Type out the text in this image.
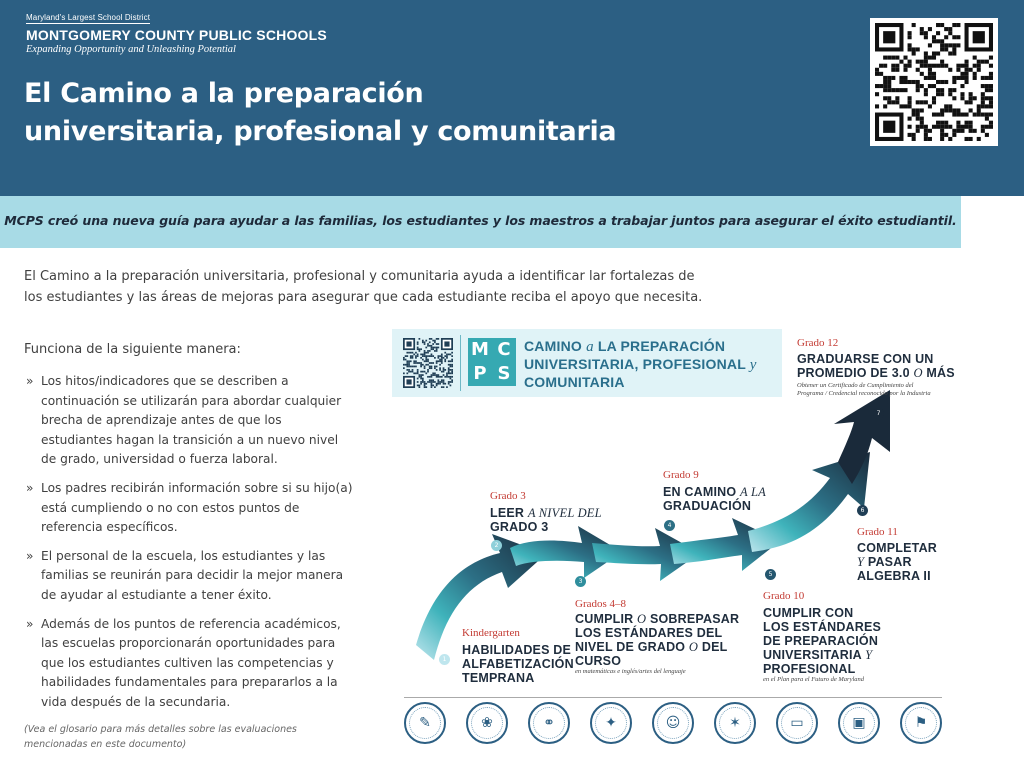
Maryland's Largest School District
MONTGOMERY COUNTY PUBLIC SCHOOLS
Expanding Opportunity and Unleashing Potential
El Camino a la preparación
universitaria, profesional y comunitaria
MCPS creó una nueva guía para ayudar a las familias, los estudiantes y los maestros a trabajar juntos para asegurar el éxito estudiantil.
El Camino a la preparación universitaria, profesional y comunitaria ayuda a identificar lar fortalezas de
los estudiantes y las áreas de mejoras para asegurar que cada estudiante reciba el apoyo que necesita.
Funciona de la siguiente manera:
» Los hitos/indicadores que se describen a continuación se utilizarán para abordar cualquier brecha de aprendizaje antes de que los estudiantes hagan la transición a un nuevo nivel de grado, universidad o fuerza laboral.
» Los padres recibirán información sobre si su hijo(a) está cumpliendo o no con estos puntos de referencia específicos.
» El personal de la escuela, los estudiantes y las familias se reunirán para decidir la mejor manera de ayudar al estudiante a tener éxito.
» Además de los puntos de referencia académicos, las escuelas proporcionarán oportunidades para que los estudiantes cultiven las competencias y habilidades fundamentales para prepararlos a la vida después de la secundaria.
(Vea el glosario para más detalles sobre las evaluaciones mencionadas en este documento)
M C
P S
CAMINO a LA PREPARACIÓN
UNIVERSITARIA, PROFESIONAL y
COMUNITARIA
1
2
3
4
5
6
7
Kindergarten
HABILIDADES DE
ALFABETIZACIÓN
TEMPRANA
Grado 3
LEER A NIVEL DEL
GRADO 3
Grados 4–8
CUMPLIR O SOBREPASAR
LOS ESTÁNDARES DEL
NIVEL DE GRADO O DEL
CURSO
en matemáticas e inglés/artes del lenguaje
Grado 9
EN CAMINO A LA
GRADUACIÓN
Grado 10
CUMPLIR CON
LOS ESTÁNDARES
DE PREPARACIÓN
UNIVERSITARIA Y
PROFESIONAL
en el Plan para el Futuro de Maryland
Grado 11
COMPLETAR
Y PASAR
ALGEBRA II
Grado 12
GRADUARSE CON UN
PROMEDIO DE 3.0 O MÁS
Obtener un Certificado de Cumplimiento del
Programa / Credencial reconocido por la Industria
✎	❀	⚭	✦	☺	✶	▭	▣	⚑
